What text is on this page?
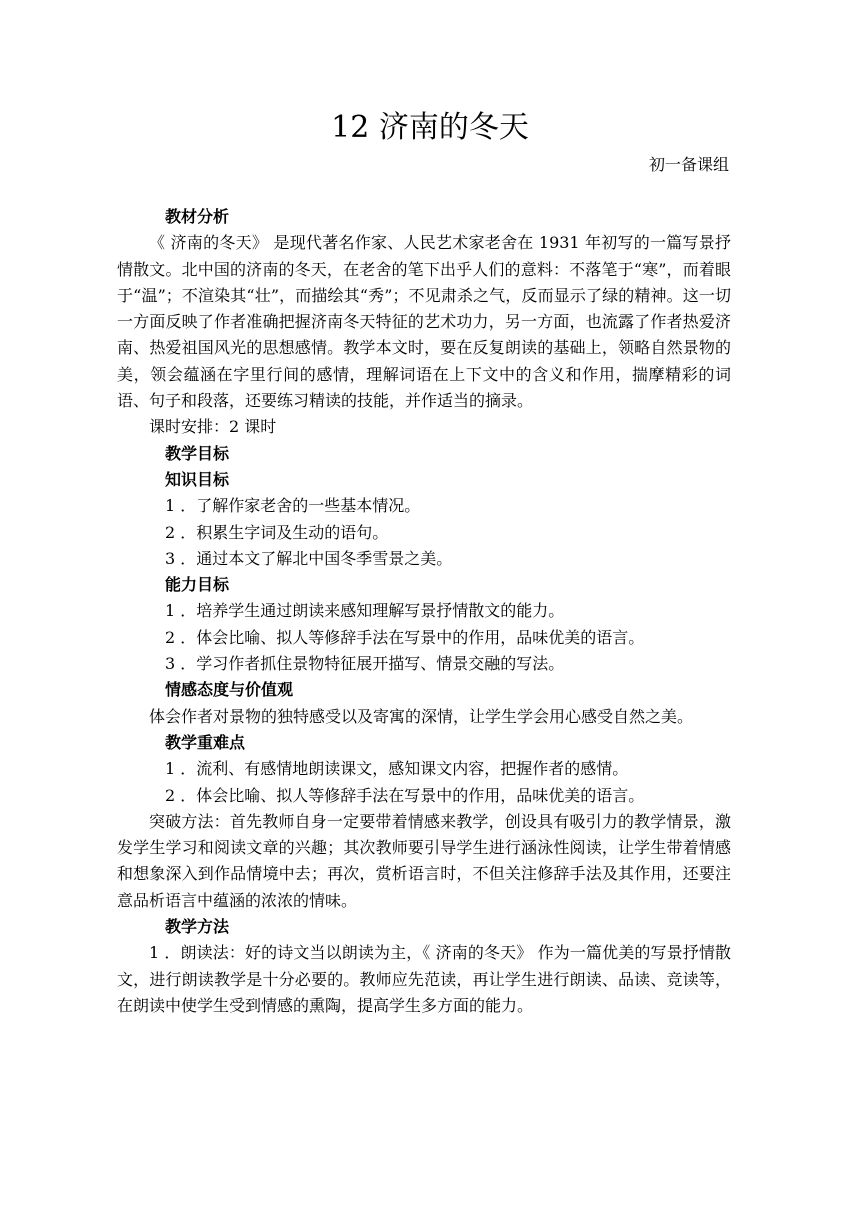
12 济南的冬天
初一备课组

教材分析

《 济南的冬天》 是现代著名作家、人民艺术家老舍在 1931 年初写的一篇写景抒情散文。北中国的济南的冬天，在老舍的笔下出乎人们的意料：不落笔于“寒”，而着眼于“温”；不渲染其“壮”，而描绘其“秀”；不见肃杀之气，反而显示了绿的精神。这一切一方面反映了作者准确把握济南冬天特征的艺术功力，另一方面，也流露了作者热爱济南、热爱祖国风光的思想感情。教学本文时，要在反复朗读的基础上，领略自然景物的美，领会蕴涵在字里行间的感情，理解词语在上下文中的含义和作用，揣摩精彩的词语、句子和段落，还要练习精读的技能，并作适当的摘录。

课时安排：2 课时

教学目标

知识目标

1 ．了解作家老舍的一些基本情况。

2 ．积累生字词及生动的语句。

3 ．通过本文了解北中国冬季雪景之美。

能力目标

1 ．培养学生通过朗读来感知理解写景抒情散文的能力。

2 ．体会比喻、拟人等修辞手法在写景中的作用，品味优美的语言。

3 ．学习作者抓住景物特征展开描写、情景交融的写法。

情感态度与价值观

体会作者对景物的独特感受以及寄寓的深情，让学生学会用心感受自然之美。

教学重难点

1 ．流利、有感情地朗读课文，感知课文内容，把握作者的感情。

2 ．体会比喻、拟人等修辞手法在写景中的作用，品味优美的语言。

突破方法：首先教师自身一定要带着情感来教学，创设具有吸引力的教学情景，激发学生学习和阅读文章的兴趣；其次教师要引导学生进行涵泳性阅读，让学生带着情感和想象深入到作品情境中去；再次，赏析语言时，不但关注修辞手法及其作用，还要注意品析语言中蕴涵的浓浓的情味。

教学方法

1 ．朗读法：好的诗文当以朗读为主，《 济南的冬天》 作为一篇优美的写景抒情散文，进行朗读教学是十分必要的。教师应先范读，再让学生进行朗读、品读、竞读等，在朗读中使学生受到情感的熏陶，提高学生多方面的能力。
